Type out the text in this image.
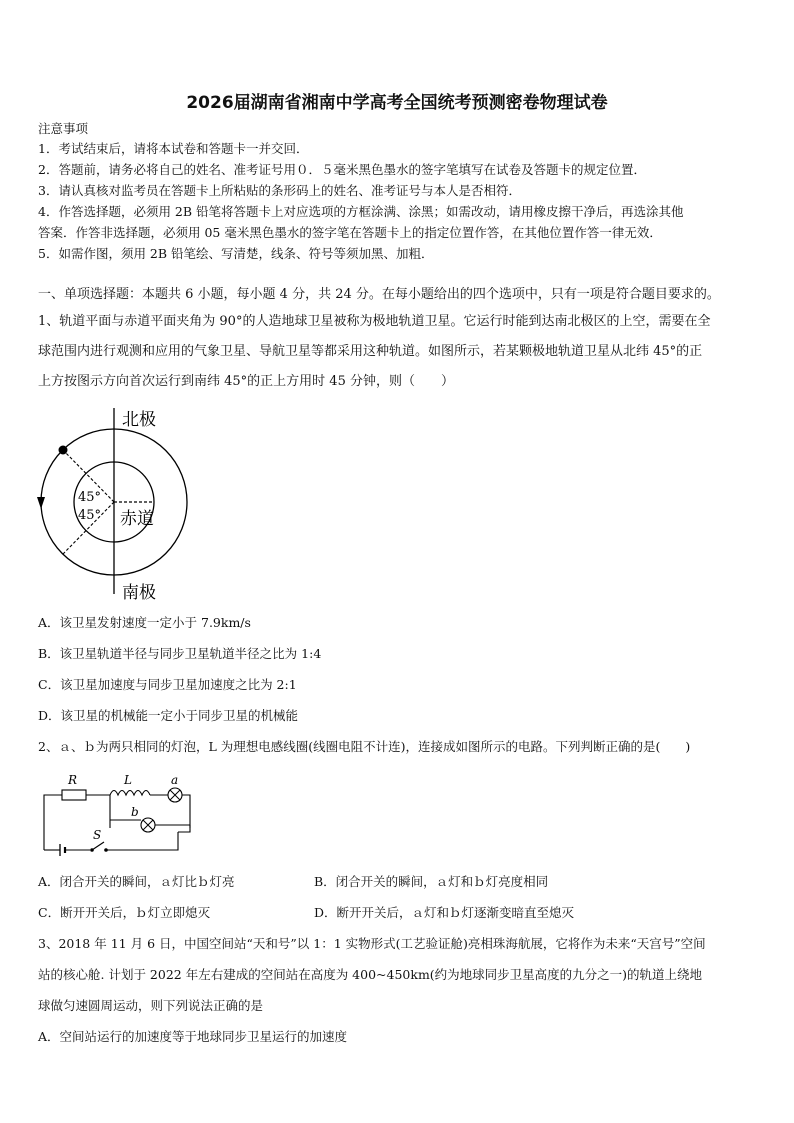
2026届湖南省湘南中学高考全国统考预测密卷物理试卷
注意事项
1．考试结束后，请将本试卷和答题卡一并交回．
2．答题前，请务必将自己的姓名、准考证号用０．５毫米黑色墨水的签字笔填写在试卷及答题卡的规定位置．
3．请认真核对监考员在答题卡上所粘贴的条形码上的姓名、准考证号与本人是否相符．
4．作答选择题，必须用 2B 铅笔将答题卡上对应选项的方框涂满、涂黑；如需改动，请用橡皮擦干净后，再选涂其他
答案．作答非选择题，必须用 05 毫米黑色墨水的签字笔在答题卡上的指定位置作答，在其他位置作答一律无效．
5．如需作图，须用 2B 铅笔绘、写清楚，线条、符号等须加黑、加粗．
一、单项选择题：本题共 6 小题，每小题 4 分，共 24 分。在每小题给出的四个选项中，只有一项是符合题目要求的。
1、轨道平面与赤道平面夹角为 90°的人造地球卫星被称为极地轨道卫星。它运行时能到达南北极区的上空，需要在全
球范围内进行观测和应用的气象卫星、导航卫星等都采用这种轨道。如图所示，若某颗极地轨道卫星从北纬 45°的正
上方按图示方向首次运行到南纬 45°的正上方用时 45 分钟，则（　　）
北极
南极
赤道
45°
45°
A．该卫星发射速度一定小于 7.9km/s
B．该卫星轨道半径与同步卫星轨道半径之比为 1:4
C．该卫星加速度与同步卫星加速度之比为 2:1
D．该卫星的机械能一定小于同步卫星的机械能
2、ａ、ｂ为两只相同的灯泡，L 为理想电感线圈(线圈电阻不计连)，连接成如图所示的电路。下列判断正确的是(　　)
R	L	a
b
S
A．闭合开关的瞬间，ａ灯比ｂ灯亮	B．闭合开关的瞬间，ａ灯和ｂ灯亮度相同
C．断开开关后，ｂ灯立即熄灭	D．断开开关后，ａ灯和ｂ灯逐渐变暗直至熄灭
3、2018 年 11 月 6 日，中国空间站“天和号”以 1：1 实物形式(工艺验证舱)亮相珠海航展，它将作为未来“天宫号”空间
站的核心舱. 计划于 2022 年左右建成的空间站在高度为 400~450km(约为地球同步卫星高度的九分之一)的轨道上绕地
球做匀速圆周运动，则下列说法正确的是
A．空间站运行的加速度等于地球同步卫星运行的加速度
